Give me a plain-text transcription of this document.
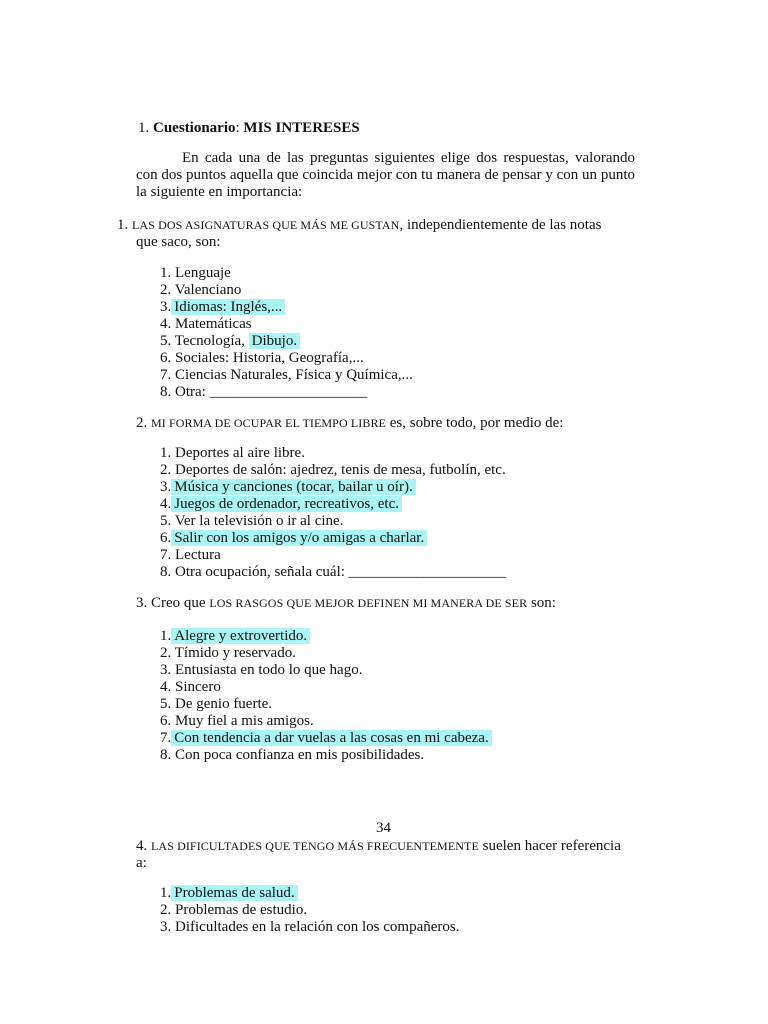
1. Cuestionario: MIS INTERESES
En cada una de las preguntas siguientes elige dos respuestas, valorando con dos puntos aquella que coincida mejor con tu manera de pensar y con un punto la siguiente en importancia:
1. LAS DOS ASIGNATURAS QUE MÁS ME GUSTAN, independientemente de las notas
que saco, son:
1. Lenguaje
2. Valenciano
3. Idiomas: Inglés,...
4. Matemáticas
5. Tecnología, Dibujo.
6. Sociales: Historia, Geografía,...
7. Ciencias Naturales, Física y Química,...
8. Otra: _____________________
2. MI FORMA DE OCUPAR EL TIEMPO LIBRE es, sobre todo, por medio de:
1. Deportes al aire libre.
2. Deportes de salón: ajedrez, tenis de mesa, futbolín, etc.
3. Música y canciones (tocar, bailar u oír).
4. Juegos de ordenador, recreativos, etc.
5. Ver la televisión o ir al cine.
6. Salir con los amigos y/o amigas a charlar.
7. Lectura
8. Otra ocupación, señala cuál: _____________________
3. Creo que LOS RASGOS QUE MEJOR DEFINEN MI MANERA DE SER son:
1. Alegre y extrovertido.
2. Tímido y reservado.
3. Entusiasta en todo lo que hago.
4. Sincero
5. De genio fuerte.
6. Muy fiel a mis amigos.
7. Con tendencia a dar vuelas a las cosas en mi cabeza.
8. Con poca confianza en mis posibilidades.
34
4. LAS DIFICULTADES QUE TENGO MÁS FRECUENTEMENTE suelen hacer referencia
a:
1. Problemas de salud.
2. Problemas de estudio.
3. Dificultades en la relación con los compañeros.
